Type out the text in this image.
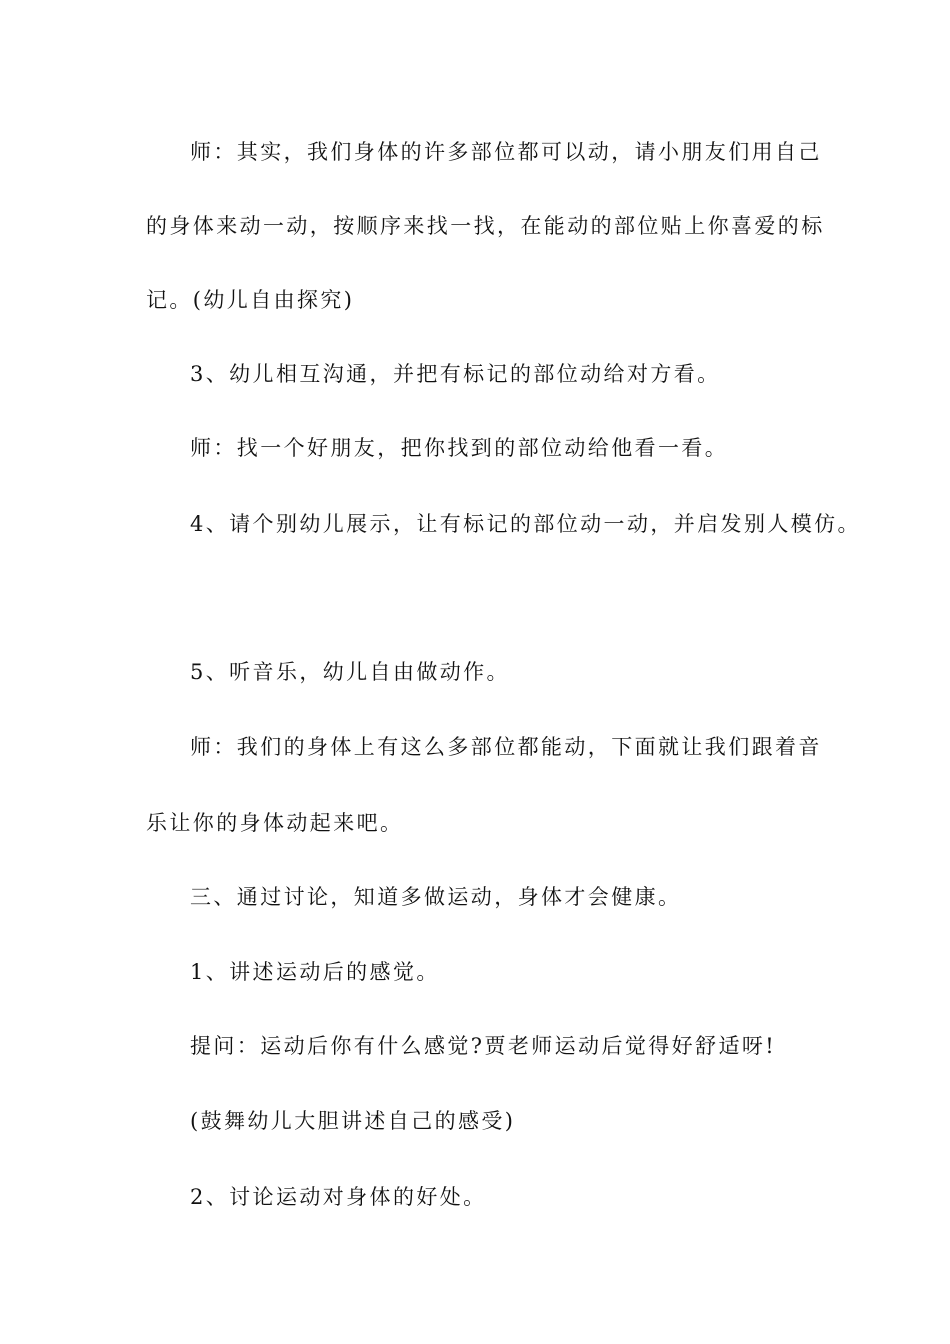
师：其实，我们身体的许多部位都可以动，请小朋友们用自己
的身体来动一动，按顺序来找一找，在能动的部位贴上你喜爱的标
记。(幼儿自由探究)
3、幼儿相互沟通，并把有标记的部位动给对方看。
师：找一个好朋友，把你找到的部位动给他看一看。
4、请个别幼儿展示，让有标记的部位动一动，并启发别人模仿。
5、听音乐，幼儿自由做动作。
师：我们的身体上有这么多部位都能动，下面就让我们跟着音
乐让你的身体动起来吧。
三、通过讨论，知道多做运动，身体才会健康。
1、讲述运动后的感觉。
提问：运动后你有什么感觉?贾老师运动后觉得好舒适呀!
(鼓舞幼儿大胆讲述自己的感受)
2、讨论运动对身体的好处。
